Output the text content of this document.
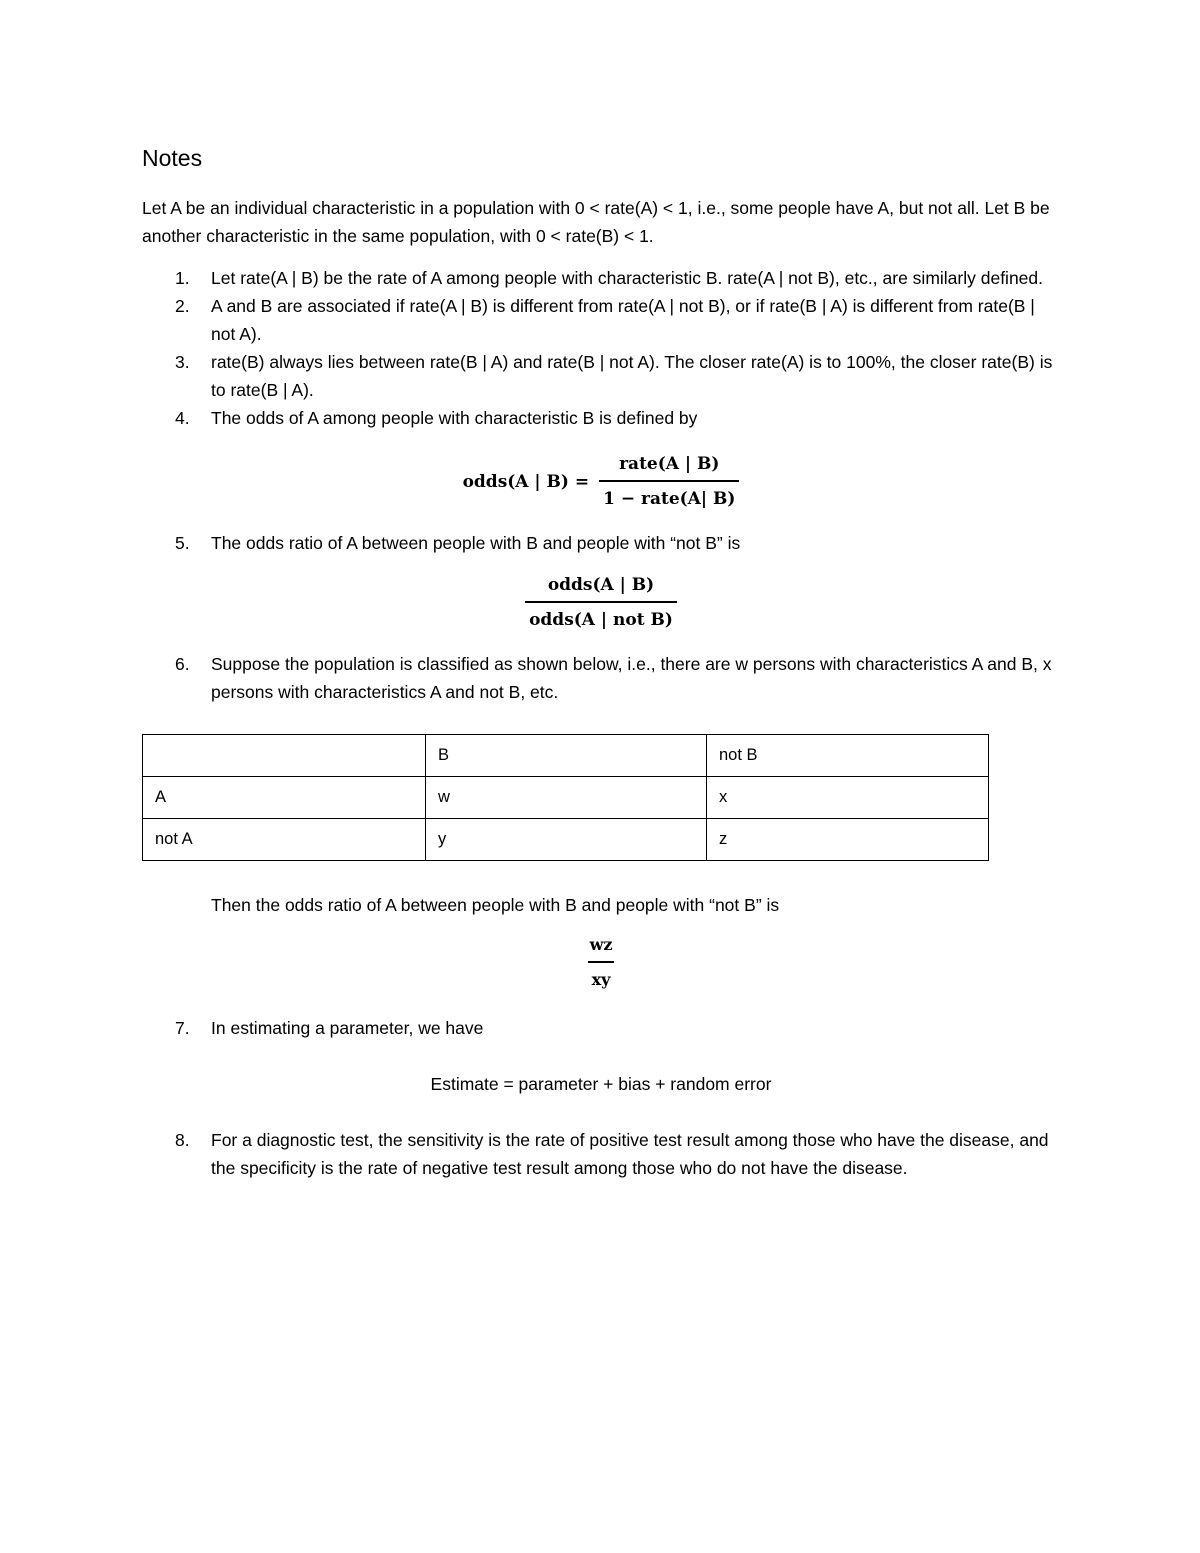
Notes

Let A be an individual characteristic in a population with 0 < rate(A) < 1, i.e., some people have A, but not all. Let B be another characteristic in the same population, with 0 < rate(B) < 1.

1. Let rate(A | B) be the rate of A among people with characteristic B. rate(A | not B), etc., are similarly defined.
2. A and B are associated if rate(A | B) is different from rate(A | not B), or if rate(B | A) is different from rate(B | not A).
3. rate(B) always lies between rate(B | A) and rate(B | not A). The closer rate(A) is to 100%, the closer rate(B) is to rate(B | A).
4. The odds of A among people with characteristic B is defined by
odds(A | $B) = \frac{\text{rate(A | B)}}{\text{1 − rate(A| B)}}$
5. The odds ratio of A between people with B and people with “not B” is
$\frac{\text{odds(A | B)}}{\text{odds(A | not B)}}$
6. Suppose the population is classified as shown below, i.e., there are w persons with characteristics A and B, x persons with characteristics A and not B, etc.
	B	not B
A	w	x
not A	y	z

Then the odds ratio of A between people with B and people with “not B” is

$\frac{wz}{xy}$
7. In estimating a parameter, we have

Estimate = parameter + bias + random error

8. For a diagnostic test, the sensitivity is the rate of positive test result among those who have the disease, and the specificity is the rate of negative test result among those who do not have the disease.
